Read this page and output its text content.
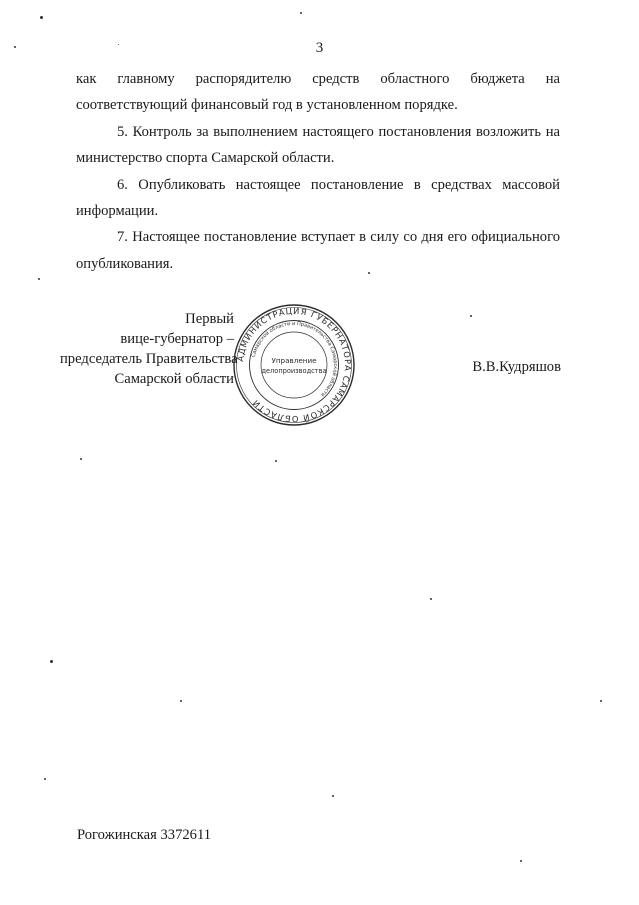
3

как главному распорядителю средств областного бюджета на соответствующий финансовый год в установленном порядке.

5. Контроль за выполнением настоящего постановления возложить на министерство спорта Самарской области.

6. Опубликовать настоящее постановление в средствах массовой информации.

7. Настоящее постановление вступает в силу со дня его официального опубликования.

Первый
вице-губернатор –
председатель Правительства
Самарской области
АДМИНИСТРАЦИЯ ГУБЕРНАТОРА САМАРСКОЙ ОБЛАСТИ
Самарской области и Правительства Самарской области
Управление
делопроизводства	В.В.Кудряшов
Рогожинская 3372611
